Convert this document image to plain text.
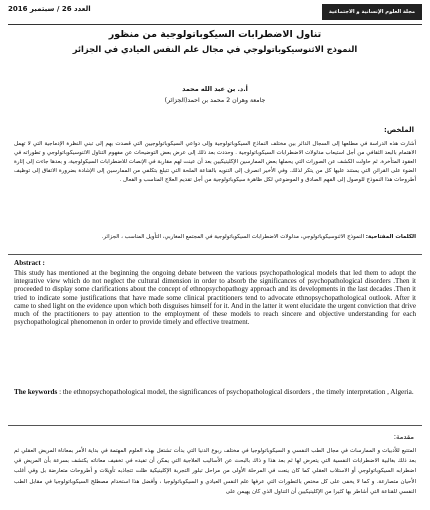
العدد 26 / سبتمبر 2016	مجلة العلوم الإنسانية و الاجتماعية
تناول الاضطرابات السيكوباتولوجية من منظور
النموذج الاثنوسيكوباتولوجي في مجال علم النفس العيادي في الجزائر
أ.د. بن عبد الله محمد
جامعة وهران 2 محمد بن احمد(الجزائر)
الملخص:
أشارت هذه الدراسة في مطلعها إلى السجال الدائر بين مختلف النماذج السيكوباتولوجية وإلى دواعي السيكوباتولوجيين التي قصدت بهم إلى تبني النظرة الإدماجية التي لا تهمل الاهتمام بالبعد الثقافي من أجل استيعاب مدلولات الاضطرابات السيكوباتولوجية . وحددت بعد ذلك إلى عرض بعض التوضيحات عن مفهوم التناول الاثنوسيكوباتولوجي و تطوراته في العقود المتأخرة. ثم حاولت الكشف عن الصورات التي يحملها بعض الممارسين الإكلينيكيين بعد أن عينت لهم مقاربة في الإنصات للاضطرابات السيكولوجية، و بعدها جاءت إلى إثارة الضوء على القرائن التي يستند عليها كل من يتكر لذلك. وفي الأخير انصرف إلى التنويه بالقناعة الملحة التي تتبلغ بتكلفي من الممارسين إلى الإشادة بضرورة الاتفاق إلى توظيف أطروحات هذا النموذج للوصول إلى الفهم الصادق و الموضوعي لكل ظاهرة سيكوباتولوجية من أجل تقديم العلاج المناسب و الفعال .
الكلمات المفتاحية: النموذج الاثنوسيكوباتولوجي، مدلولات الاضطرابات السيكوباتولوجية في المجتمع المغاربي، التأويل المناسب ، الجزائر.
Abstract :
This study has mentioned at the beginning the ongoing debate between the various psychopathological models that led them to adopt the integrative view which do not neglect the cultural dimension in order to absorb the significances of psychopathological disorders .Then it proceeded to display some clarifications about the concept of ethnopsychopathogy approach and its developments in the last decades .Then it tried to indicate some justifications that have made some clinical practitioners tend to advocate ethnopsychopathological outlook. After it came to shed light on the evidence upon which both disguises himself for it. And in the latter it went elucidate the urgent conviction that drive much of the practitioners to pay attention to the employment of these models to reach sincere and objective understanding for each psychopathological phenomenon in order to provide timely and effective treatment.
The keywords : the ethnopsychopathological model, the significances of psychopathological disorders , the timely interpretation , Algeria.
مقدمة:
المتتبع للأدبيات و الممارسات في مجال الطب النفسي و السيكوباتولوجيا في مختلف ربوع الدنيا التي بدأت تشتغل بهذه العلوم المهتمة في بداية الأمر بمعاناة المريض العقلي ثم بعد ذلك بغالبية الاضطرابات النفسية التي يتعرض لها ثم بعد هذا و ذاك بالبحث عن الأساليب العلاجية التي يمكن أن تفيده في تخفيف معاناته يكتشف بسرعة بأن المريض في اضطرابه السيكوباتولوجي أو الاستلاب العقلي كما كان ينعت في المرحلة الأولى من مراحل تبلور التجربة الإكلينيكية ظلت تتجاذبه تأويلات و أطروحات متعارضة بل وفي أغلب الأحيان متصارعة. و كما لا يخفى على كل مختص بالتطورات التي عرفها علم النفس العيادي و السيكوباتولوجيا ، وأفضل هذا استخدام مصطلح السيكوباتولوجيا في مقابل الطب النفسي للقناعة التي أشاطر بها كثيرا من الإكلينيكيين أن التناول الذي كان يهيمن على
